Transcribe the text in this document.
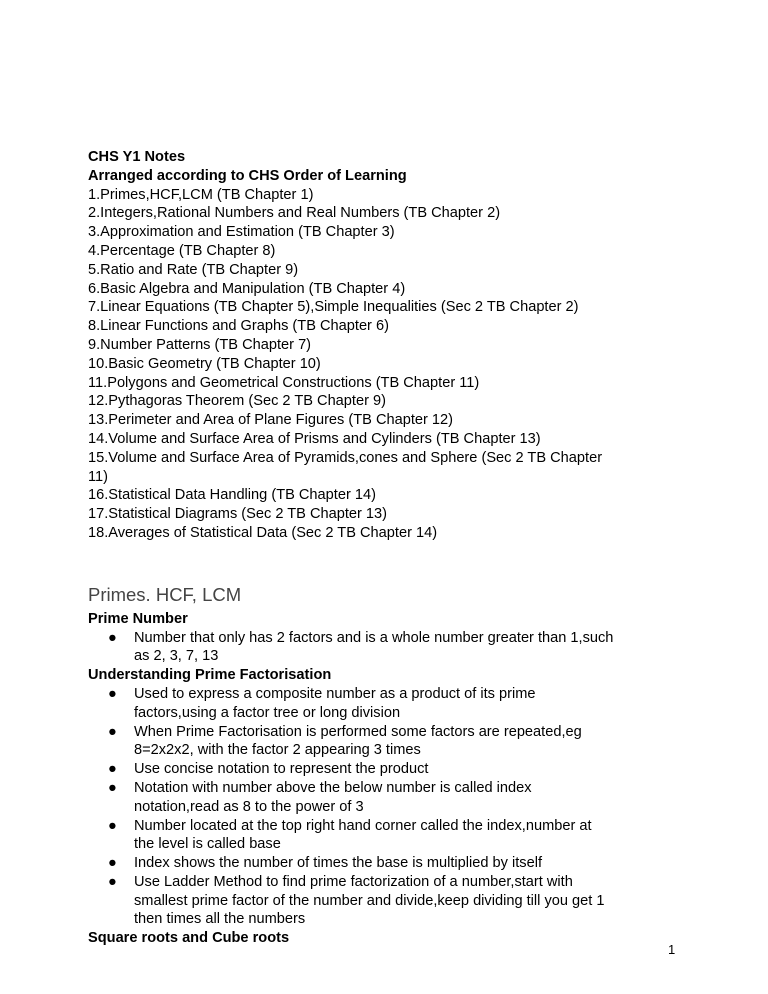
CHS Y1 Notes
Arranged according to CHS Order of Learning
1.Primes,HCF,LCM (TB Chapter 1)
2.Integers,Rational Numbers and Real Numbers (TB Chapter 2)
3.Approximation and Estimation (TB Chapter 3)
4.Percentage (TB Chapter 8)
5.Ratio and Rate (TB Chapter 9)
6.Basic Algebra and Manipulation (TB Chapter 4)
7.Linear Equations (TB Chapter 5),Simple Inequalities (Sec 2 TB Chapter 2)
8.Linear Functions and Graphs (TB Chapter 6)
9.Number Patterns (TB Chapter 7)
10.Basic Geometry (TB Chapter 10)
11.Polygons and Geometrical Constructions (TB Chapter 11)
12.Pythagoras Theorem (Sec 2 TB Chapter 9)
13.Perimeter and Area of Plane Figures (TB Chapter 12)
14.Volume and Surface Area of Prisms and Cylinders (TB Chapter 13)
15.Volume and Surface Area of Pyramids,cones and Sphere (Sec 2 TB Chapter
11)
16.Statistical Data Handling (TB Chapter 14)
17.Statistical Diagrams (Sec 2 TB Chapter 13)
18.Averages of Statistical Data (Sec 2 TB Chapter 14)
Primes. HCF, LCM
Prime Number
● Number that only has 2 factors and is a whole number greater than 1,such
as 2, 3, 7, 13
Understanding Prime Factorisation
● Used to express a composite number as a product of its prime
factors,using a factor tree or long division
● When Prime Factorisation is performed some factors are repeated,eg
8=2x2x2, with the factor 2 appearing 3 times
● Use concise notation to represent the product
● Notation with number above the below number is called index
notation,read as 8 to the power of 3
● Number located at the top right hand corner called the index,number at
the level is called base
● Index shows the number of times the base is multiplied by itself
● Use Ladder Method to find prime factorization of a number,start with
smallest prime factor of the number and divide,keep dividing till you get 1
then times all the numbers
Square roots and Cube roots
1
